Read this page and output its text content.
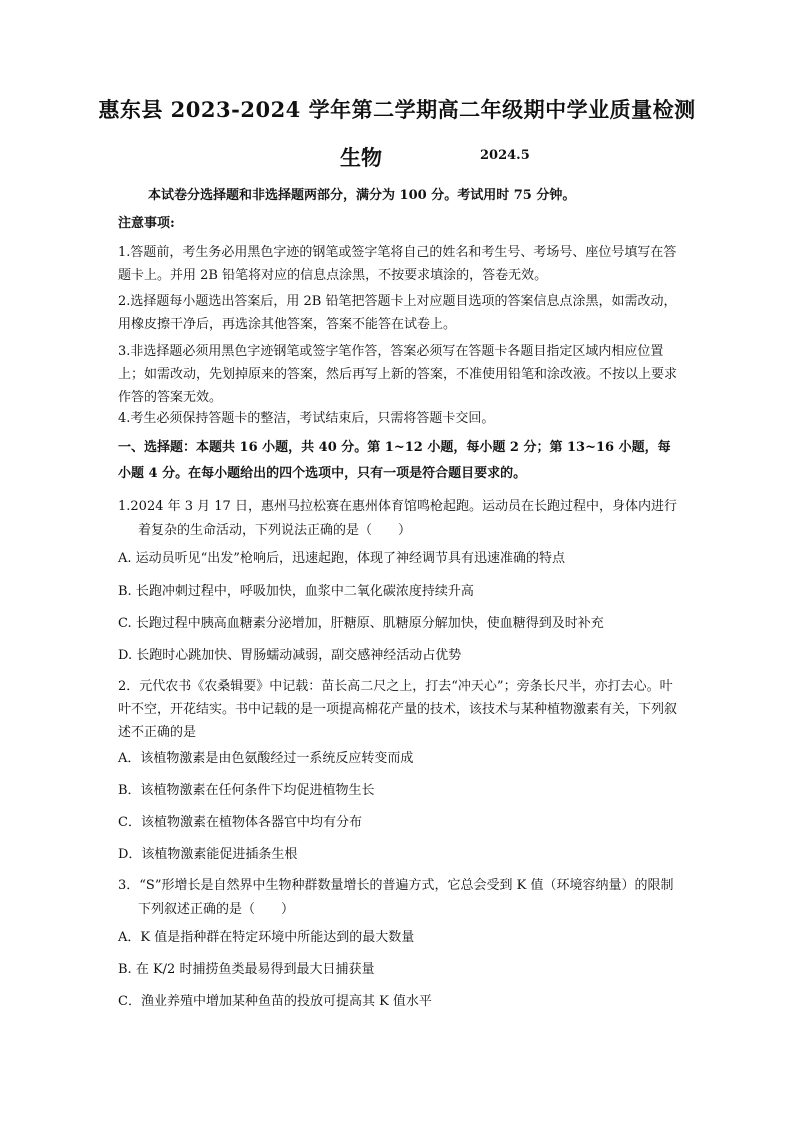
惠东县 2023-2024 学年第二学期高二年级期中学业质量检测
生物	2024.5
本试卷分选择题和非选择题两部分，满分为 100 分。考试用时 75 分钟。
注意事项:
1.答题前，考生务必用黑色字迹的钢笔或签字笔将自己的姓名和考生号、考场号、座位号填写在答题卡上。并用 2B 铅笔将对应的信息点涂黑，不按要求填涂的，答卷无效。
2.选择题每小题选出答案后，用 2B 铅笔把答题卡上对应题目选项的答案信息点涂黑，如需改动，用橡皮擦干净后，再选涂其他答案，答案不能答在试卷上。
3.非选择题必须用黑色字迹钢笔或签字笔作答，答案必须写在答题卡各题目指定区域内相应位置上；如需改动，先划掉原来的答案，然后再写上新的答案，不准使用铅笔和涂改液。不按以上要求作答的答案无效。
4.考生必须保持答题卡的整洁，考试结束后，只需将答题卡交回。
一、选择题：本题共 16 小题，共 40 分。第 1~12 小题，每小题 2 分；第 13~16 小题，每小题 4 分。在每小题给出的四个选项中，只有一项是符合题目要求的。
1.2024 年 3 月 17 日，惠州马拉松赛在惠州体育馆鸣枪起跑。运动员在长跑过程中，身体内进行着复杂的生命活动，下列说法正确的是（　　）
A. 运动员听见“出发”枪响后，迅速起跑，体现了神经调节具有迅速准确的特点
B. 长跑冲刺过程中，呼吸加快，血浆中二氧化碳浓度持续升高
C. 长跑过程中胰高血糖素分泌增加，肝糖原、肌糖原分解加快，使血糖得到及时补充
D. 长跑时心跳加快、胃肠蠕动减弱，副交感神经活动占优势
2．元代农书《农桑辑要》中记载：苗长高二尺之上，打去“冲天心”；旁条长尺半，亦打去心。叶叶不空，开花结实。书中记载的是一项提高棉花产量的技术，该技术与某种植物激素有关，下列叙述不正确的是
A．该植物激素是由色氨酸经过一系统反应转变而成
B．该植物激素在任何条件下均促进植物生长
C．该植物激素在植物体各器官中均有分布
D．该植物激素能促进插条生根
3．“S”形增长是自然界中生物种群数量增长的普遍方式，它总会受到 K 值（环境容纳量）的限制下列叙述正确的是（　　）
A．K 值是指种群在特定环境中所能达到的最大数量
B. 在 K/2 时捕捞鱼类最易得到最大日捕获量
C．渔业养殖中增加某种鱼苗的投放可提高其 K 值水平
